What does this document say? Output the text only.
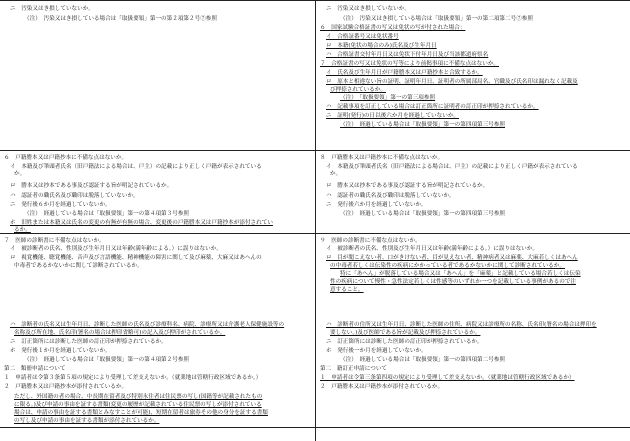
ニ　汚染又はき損していないか。
（注）　汚染又はき損している場合は「取扱要領」第一の第２項第２号⑦参照
６　戸籍謄本又は戸籍抄本に不備な点はないか。
イ　本籍及び筆頭者氏名（旧戸籍法による場合は、戸主）の記載により正しく戸籍が表示されている
か。
ロ　謄本又は抄本である事及び認証する旨が明記されているか。
ハ　認証者の職氏名及び職印は脱落していないか。
ニ　発行後６か月を経過していないか。
（注）　経過している場合は「取扱要領」第一の第４項第３号参照
ホ　旧姓または本籍又は氏名の変更の有無が有無の場合、変更後の戸籍謄本又は戸籍抄本が添付されてい
るか。
７　医師の診断書に不備な点はないか。
イ　被診断者の氏名、性別及び生年月日又は年齢(満年齢による。）に誤りはないか。
ロ　視覚機能、聴覚機能、音声及び言語機能、精神機能の障害に関して及び麻薬、大麻又はあへんの
中毒者であるかないかに関して診断されているか。
ハ　診断者の氏名又は生年月日、診断した医師の氏名及び診療科名、病院、診療所又は介護老人保健施設等の
名称及び所在地、氏名印(署名の場合は押印省略可)の記入及び押印がされているか。
ニ　訂正箇所には診断した医師の訂正印が押捺されているか。
ホ　発行後１か月を経過していないか。
（注）　経過している場合は「取扱要領」第一の第４項第２号参照
第二　類冊申請について
１　申請者は令第３条第５項の規定により受理して差支えないか。（就業地は管轄行政区域であるか。）
２　戸籍謄本又は戸籍抄本が添付されているか。
ただし、外国籍の者の場合、中長期在留者及び特別永住者は住民票の写し(国籍等が記載されたもの
に限る。)及び申請の事由を証する書類(変更の履歴が記載されている住民票の写しが添付されている
場合は、申請の事由を証する書類とみなすことが可能)、短期在留者は旅券その他の身分を証する書類
の写し及び申請の事由を証する書類が添付されているか。
ニ　汚染又はき損していないか。
（注）　汚染又はき損している場合は「取扱要領」第一の第二項第二号⑦参照
６　国家試験合格証書の写又は免状の写が付された場合：
イ　合格証番号又は免状番号
ロ　本籍(免状の場合のみ)氏名及び生年月日
ハ　合格証書交付年月日又は免状下付年月日及び当該都道府県名
７　合格証書の写又は免状の写等により前掲事項に不備な点はないか。
イ　氏名及び生年月日が戸籍謄本又は戸籍抄本と合致するか。
ロ　原本と相違ない旨の証明、証明年月日、証明者の所属部局名、官職及び氏名印は漏れなく記載及
び押捺されているか。
（注）　「取扱要領」第一の第三項参照
ハ　記載事項を訂正している場合は訂正箇所に証明者の訂正印が押捺されているか。
ニ　証明(発行)の日以後六か月を経過していないか。
（注）　経過している場合は「取扱要領」第一の第四項第三号参照
８　戸籍謄本又は戸籍抄本に不備な点はないか。
イ　本籍及び筆頭者氏名（旧戸籍法による場合は、戸主）の記載により正しく戸籍が表示されている
か。
ロ　謄本又は抄本である事及び認証する旨が明記されているか。
ハ　認証者の職氏名及び職印は脱落していないか。
ニ　発行後六か月を経過していないか。
（注）　経過している場合は「取扱要領」第一の第四項第三号参照
９　医師の診断書に不備な点はないか。
イ　被診断者の氏名、性別及び生年月日又は年齢(満年齢による。）に誤りはないか。
ロ　目が聞こえない者、口がきけない者、目が見えない者、精神病者又は麻薬、大麻若しくはあへん
の中毒者若しくは伝染性の疾病にかかっている者であるかないかに関して診断されているか。
特に「あへん」が脱落している場合又は「あへん」を「麻薬」と記載している場合若しくは伝染
性の疾病について慢性・急性法定若しくは性感等のいずれか一つを記載している事例があるので注
意すること。
ハ　診断者の住所又は生年月日、診断した医師の住所、病院又は診療所の名称、氏名印(署名の場合は押印を
要しない。)及び医師である旨が記載及び押捺されているか。
ニ　訂正箇所には診断した医師の訂正印が押捺されているか。
ホ　発行後一か月を経過していないか。
（注）　経過している場合は「取扱要領」第一の第四項第二号参照
第二　籍訂正申請について
１　申請者は令第三条第四項の規定により受理して差支えないか。（就業地は管轄行政区域であるか）
２　戸籍謄本又は戸籍抄本が添付されているか。
